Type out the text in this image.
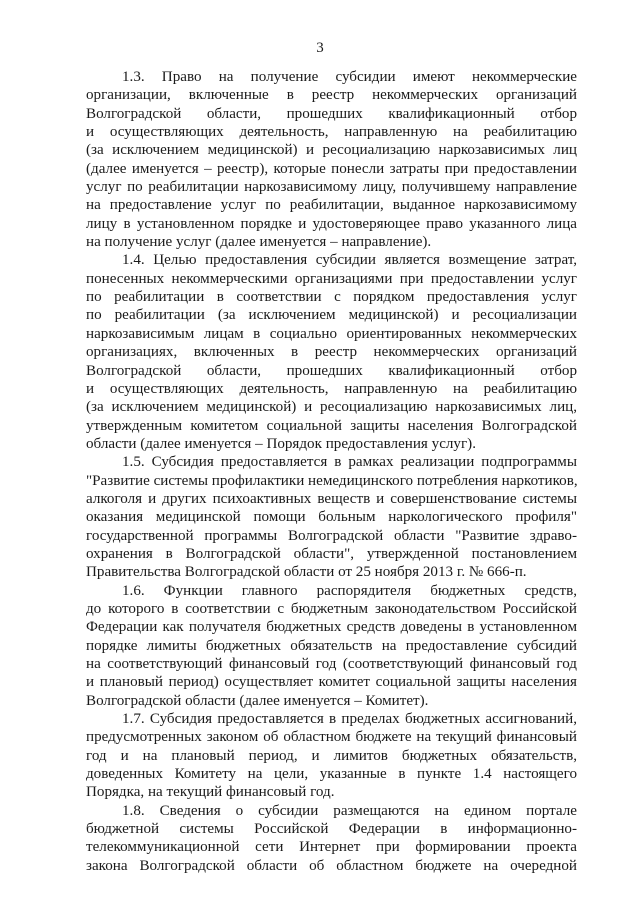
3
1.3. Право на получение субсидии имеют некоммерческие
организации, включенные в реестр некоммерческих организаций
Волгоградской области, прошедших квалификационный отбор
и осуществляющих деятельность, направленную на реабилитацию
(за исключением медицинской) и ресоциализацию наркозависимых лиц
(далее именуется – реестр), которые понесли затраты при предоставлении
услуг по реабилитации наркозависимому лицу, получившему направление
на предоставление услуг по реабилитации, выданное наркозависимому
лицу в установленном порядке и удостоверяющее право указанного лица
на получение услуг (далее именуется – направление).
1.4. Целью предоставления субсидии является возмещение затрат,
понесенных некоммерческими организациями при предоставлении услуг
по реабилитации в соответствии с порядком предоставления услуг
по реабилитации (за исключением медицинской) и ресоциализации
наркозависимым лицам в социально ориентированных некоммерческих
организациях, включенных в реестр некоммерческих организаций
Волгоградской области, прошедших квалификационный отбор
и осуществляющих деятельность, направленную на реабилитацию
(за исключением медицинской) и ресоциализацию наркозависимых лиц,
утвержденным комитетом социальной защиты населения Волгоградской
области (далее именуется – Порядок предоставления услуг).
1.5. Субсидия предоставляется в рамках реализации подпрограммы
"Развитие системы профилактики немедицинского потребления наркотиков,
алкоголя и других психоактивных веществ и совершенствование системы
оказания медицинской помощи больным наркологического профиля"
государственной программы Волгоградской области "Развитие здраво-
охранения в Волгоградской области", утвержденной постановлением
Правительства Волгоградской области от 25 ноября 2013 г. № 666-п.
1.6. Функции главного распорядителя бюджетных средств,
до которого в соответствии с бюджетным законодательством Российской
Федерации как получателя бюджетных средств доведены в установленном
порядке лимиты бюджетных обязательств на предоставление субсидий
на соответствующий финансовый год (соответствующий финансовый год
и плановый период) осуществляет комитет социальной защиты населения
Волгоградской области (далее именуется – Комитет).
1.7. Субсидия предоставляется в пределах бюджетных ассигнований,
предусмотренных законом об областном бюджете на текущий финансовый
год и на плановый период, и лимитов бюджетных обязательств,
доведенных Комитету на цели, указанные в пункте 1.4 настоящего
Порядка, на текущий финансовый год.
1.8. Сведения о субсидии размещаются на едином портале
бюджетной системы Российской Федерации в информационно-
телекоммуникационной сети Интернет при формировании проекта
закона Волгоградской области об областном бюджете на очередной
